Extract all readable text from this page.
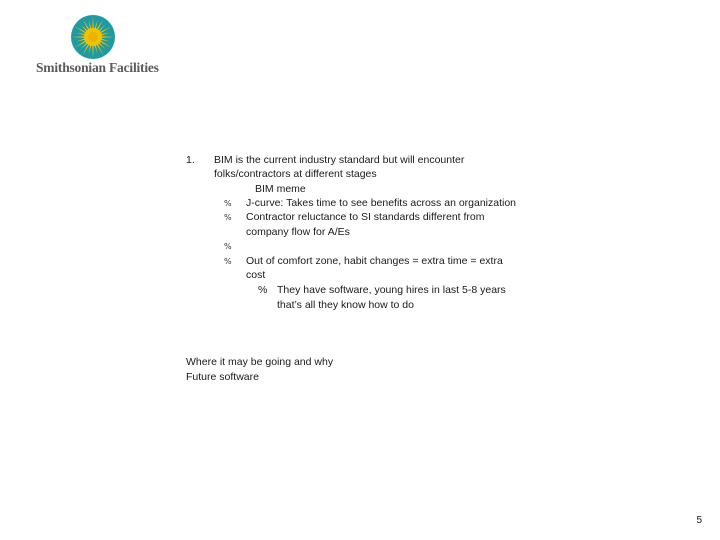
Smithsonian Facilities
1. BIM is the current industry standard but will encounter
folks/contractors at different stages
BIM meme
% J-curve: Takes time to see benefits across an organization
% Contractor reluctance to SI standards different from
company flow for A/Es
%
% Out of comfort zone, habit changes = extra time = extra
cost
% They have software, young hires in last 5-8 years
that’s all they know how to do
Where it may be going and why
Future software
5
